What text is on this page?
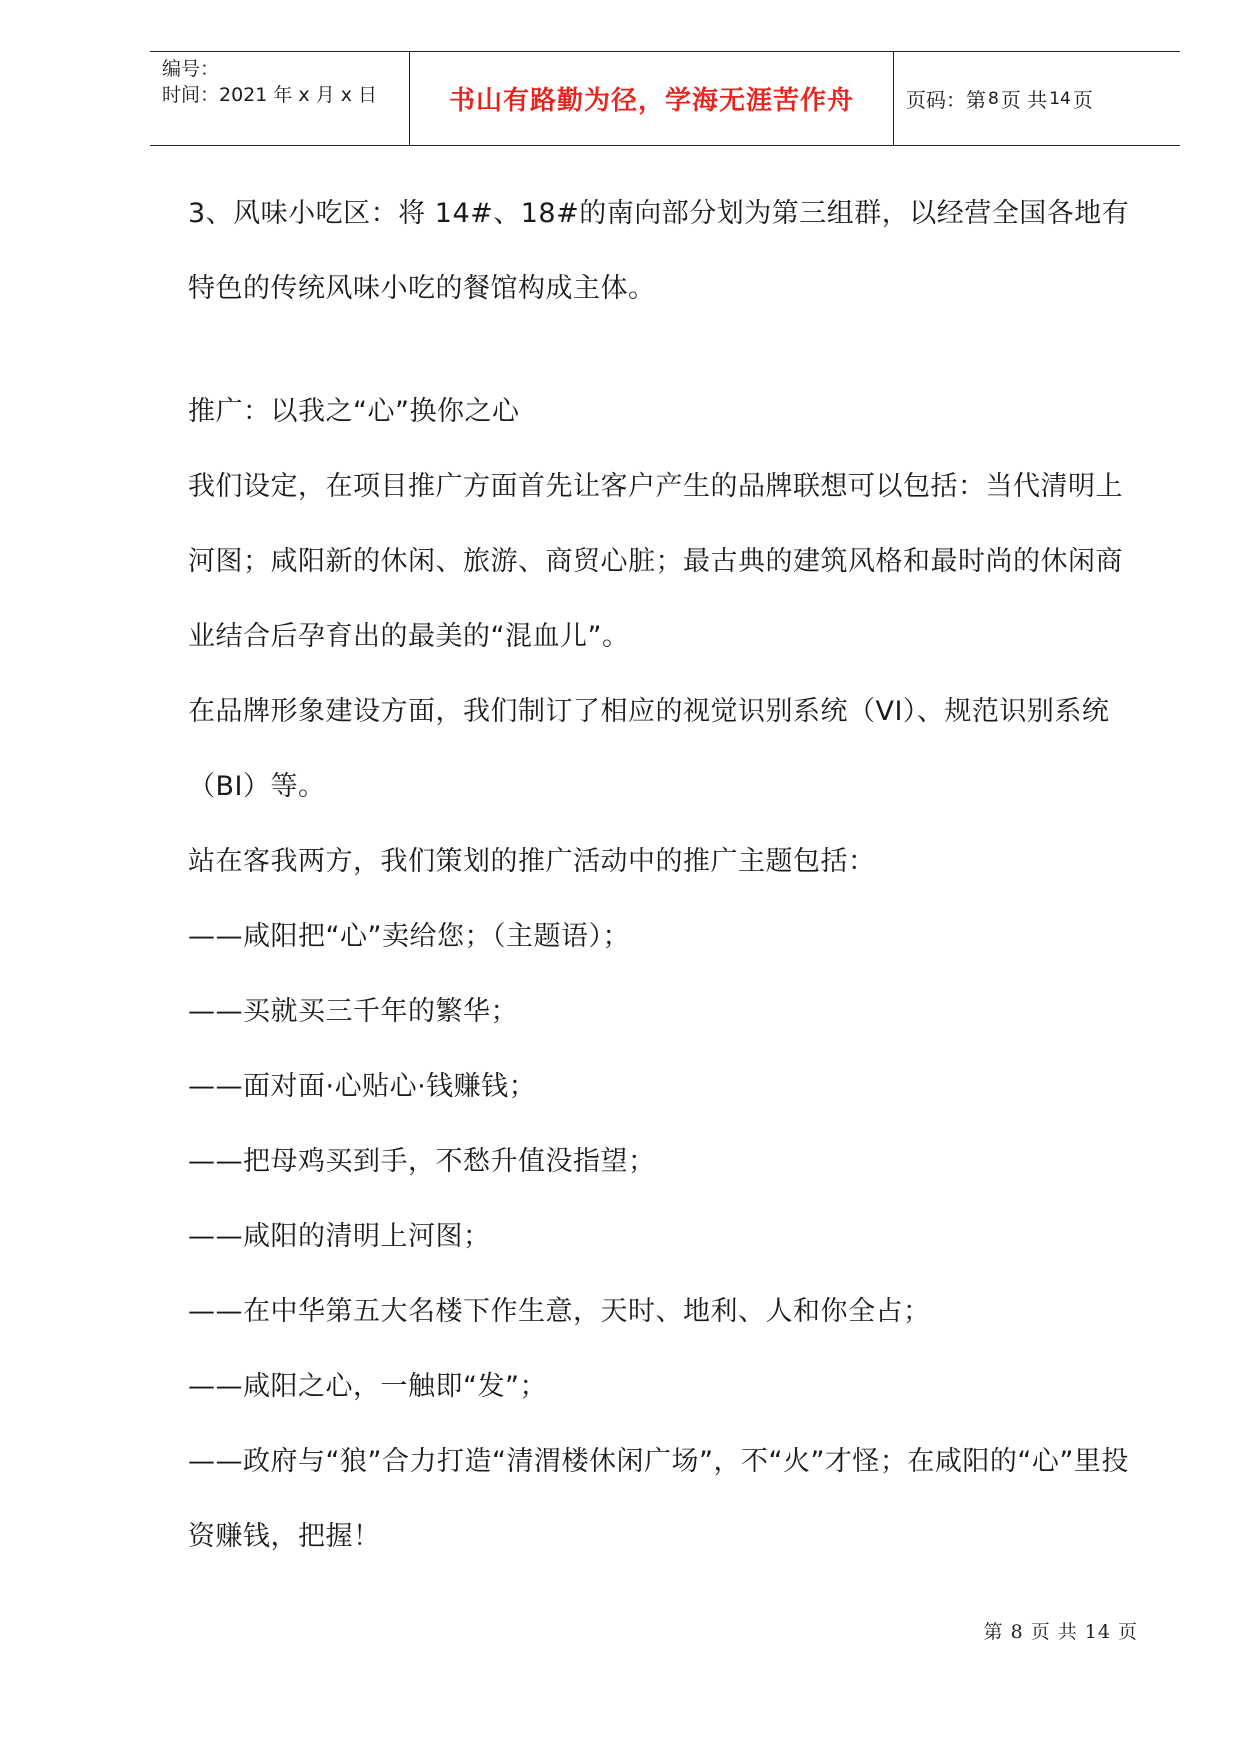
编号：
时间：2021 年 x 月 x 日	书山有路勤为径，学海无涯苦作舟	页码：第 8 页 共 14 页

3、风味小吃区：将 14#、18#的南向部分划为第三组群，以经营全国各地有特色的传统风味小吃的餐馆构成主体。

推广：以我之“心”换你之心

我们设定，在项目推广方面首先让客户产生的品牌联想可以包括：当代清明上河图；咸阳新的休闲、旅游、商贸心脏；最古典的建筑风格和最时尚的休闲商业结合后孕育出的最美的“混血儿”。

在品牌形象建设方面，我们制订了相应的视觉识别系统（VI）、规范识别系统（BI）等。

站在客我两方，我们策划的推广活动中的推广主题包括：

——咸阳把“心”卖给您；（主题语）；

——买就买三千年的繁华；

——面对面·心贴心·钱赚钱；

——把母鸡买到手，不愁升值没指望；

——咸阳的清明上河图；

——在中华第五大名楼下作生意，天时、地利、人和你全占；

——咸阳之心，一触即“发”；

——政府与“狼”合力打造“清渭楼休闲广场”，不“火”才怪；在咸阳的“心”里投资赚钱，把握！

第 8 页 共 14 页
